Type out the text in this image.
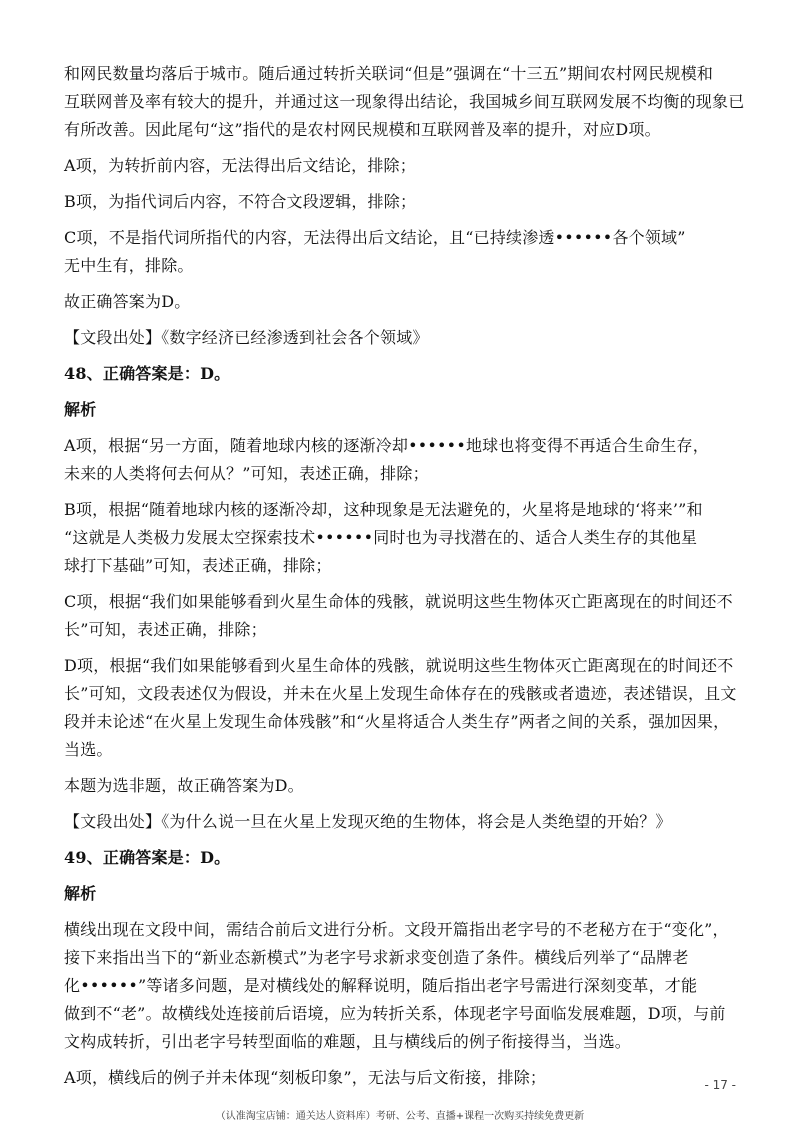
和网民数量均落后于城市。随后通过转折关联词“但是”强调在“十三五”期间农村网民规模和
互联网普及率有较大的提升，并通过这一现象得出结论，我国城乡间互联网发展不均衡的现象已
有所改善。因此尾句“这”指代的是农村网民规模和互联网普及率的提升，对应D项。
A项，为转折前内容，无法得出后文结论，排除；
B项，为指代词后内容，不符合文段逻辑，排除；
C项，不是指代词所指代的内容，无法得出后文结论，且“已持续渗透••••••各个领域”
无中生有，排除。
故正确答案为D。
【文段出处】《数字经济已经渗透到社会各个领域》
48、正确答案是：D。
解析
A项，根据“另一方面，随着地球内核的逐渐冷却••••••地球也将变得不再适合生命生存，
未来的人类将何去何从？”可知，表述正确，排除；
B项，根据“随着地球内核的逐渐冷却，这种现象是无法避免的，火星将是地球的‘将来’”和
“这就是人类极力发展太空探索技术••••••同时也为寻找潜在的、适合人类生存的其他星
球打下基础”可知，表述正确，排除；
C项，根据“我们如果能够看到火星生命体的残骸，就说明这些生物体灭亡距离现在的时间还不
长”可知，表述正确，排除；
D项，根据“我们如果能够看到火星生命体的残骸，就说明这些生物体灭亡距离现在的时间还不
长”可知，文段表述仅为假设，并未在火星上发现生命体存在的残骸或者遗迹，表述错误，且文
段并未论述“在火星上发现生命体残骸”和“火星将适合人类生存”两者之间的关系，强加因果，
当选。
本题为选非题，故正确答案为D。
【文段出处】《为什么说一旦在火星上发现灭绝的生物体，将会是人类绝望的开始？》
49、正确答案是：D。
解析
横线出现在文段中间，需结合前后文进行分析。文段开篇指出老字号的不老秘方在于“变化”，
接下来指出当下的“新业态新模式”为老字号求新求变创造了条件。横线后列举了“品牌老
化••••••”等诸多问题，是对横线处的解释说明，随后指出老字号需进行深刻变革，才能
做到不“老”。故横线处连接前后语境，应为转折关系，体现老字号面临发展难题，D项，与前
文构成转折，引出老字号转型面临的难题，且与横线后的例子衔接得当，当选。
A项，横线后的例子并未体现“刻板印象”，无法与后文衔接，排除；	- 17 -
（认准淘宝店铺：通关达人资料库）考研、公考、直播+课程一次购买持续免费更新
